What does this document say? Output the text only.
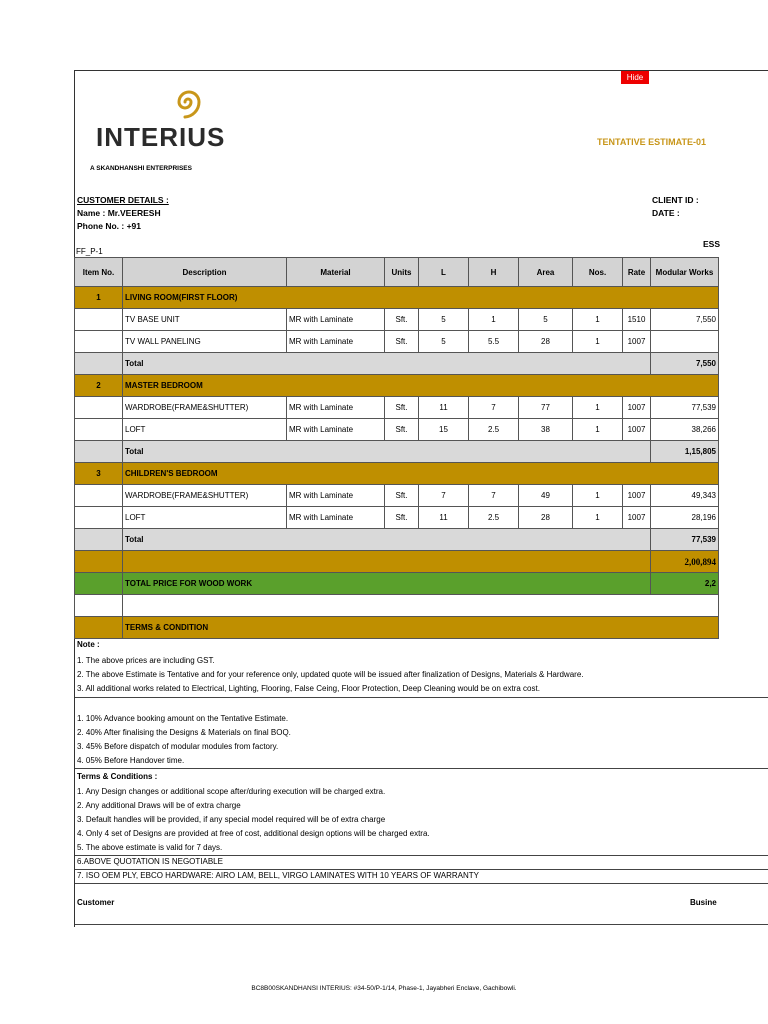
Hide
INTERIUS
A SKANDHANSHI ENTERPRISES
TENTATIVE ESTIMATE-01
CUSTOMER DETAILS :
Name : Mr.VEERESH
Phone No. : +91
CLIENT ID :
DATE :
ESS
FF_P-1
Item No.	Description	Material	Units	L	H	Area	Nos.	Rate	Modular Works
1	LIVING ROOM(FIRST FLOOR)								
	TV BASE UNIT	MR with Laminate	Sft.	5	1	5	1	1510	7,550
	TV WALL PANELING	MR with Laminate	Sft.	5	5.5	28	1	1007	
	Total								7,550
2	MASTER BEDROOM								
	WARDROBE(FRAME&SHUTTER)	MR with Laminate	Sft.	11	7	77	1	1007	77,539
	LOFT	MR with Laminate	Sft.	15	2.5	38	1	1007	38,266
	Total								1,15,805
3	CHILDREN'S BEDROOM								
	WARDROBE(FRAME&SHUTTER)	MR with Laminate	Sft.	7	7	49	1	1007	49,343
	LOFT	MR with Laminate	Sft.	11	2.5	28	1	1007	28,196
	Total								77,539
									2,00,894
	TOTAL PRICE FOR WOOD WORK								2,2

	TERMS & CONDITION								
Note :
1. The above prices are including GST.
2. The above Estimate is Tentative and for your reference only, updated quote will be issued after finalization of Designs, Materials & Hardware.
3. All additional works related to Electrical, Lighting, Flooring, False Ceing, Floor Protection, Deep Cleaning would be on extra cost.
1. 10% Advance booking amount on the Tentative Estimate.
2. 40% After finalising the Designs & Materials on final BOQ.
3. 45% Before dispatch of modular modules from factory.
4. 05% Before Handover time.
Terms & Conditions :
1. Any Design changes or additional scope after/during execution will be charged extra.
2. Any additional Draws will be of extra charge
3. Default handles will be provided, if any special model required will be of extra charge
4. Only 4 set of Designs are provided at free of cost, additional design options will be charged extra.
5. The above estimate is valid for 7 days.
6.ABOVE QUOTATION IS NEGOTIABLE
7. ISO OEM PLY, EBCO HARDWARE: AIRO LAM, BELL, VIRGO LAMINATES WITH 10 YEARS OF WARRANTY
Customer	Busine
BC8B00SKANDHANSI INTERIUS: #34-50/P-1/14, Phase-1, Jayabheri Enclave, Gachibowli.
